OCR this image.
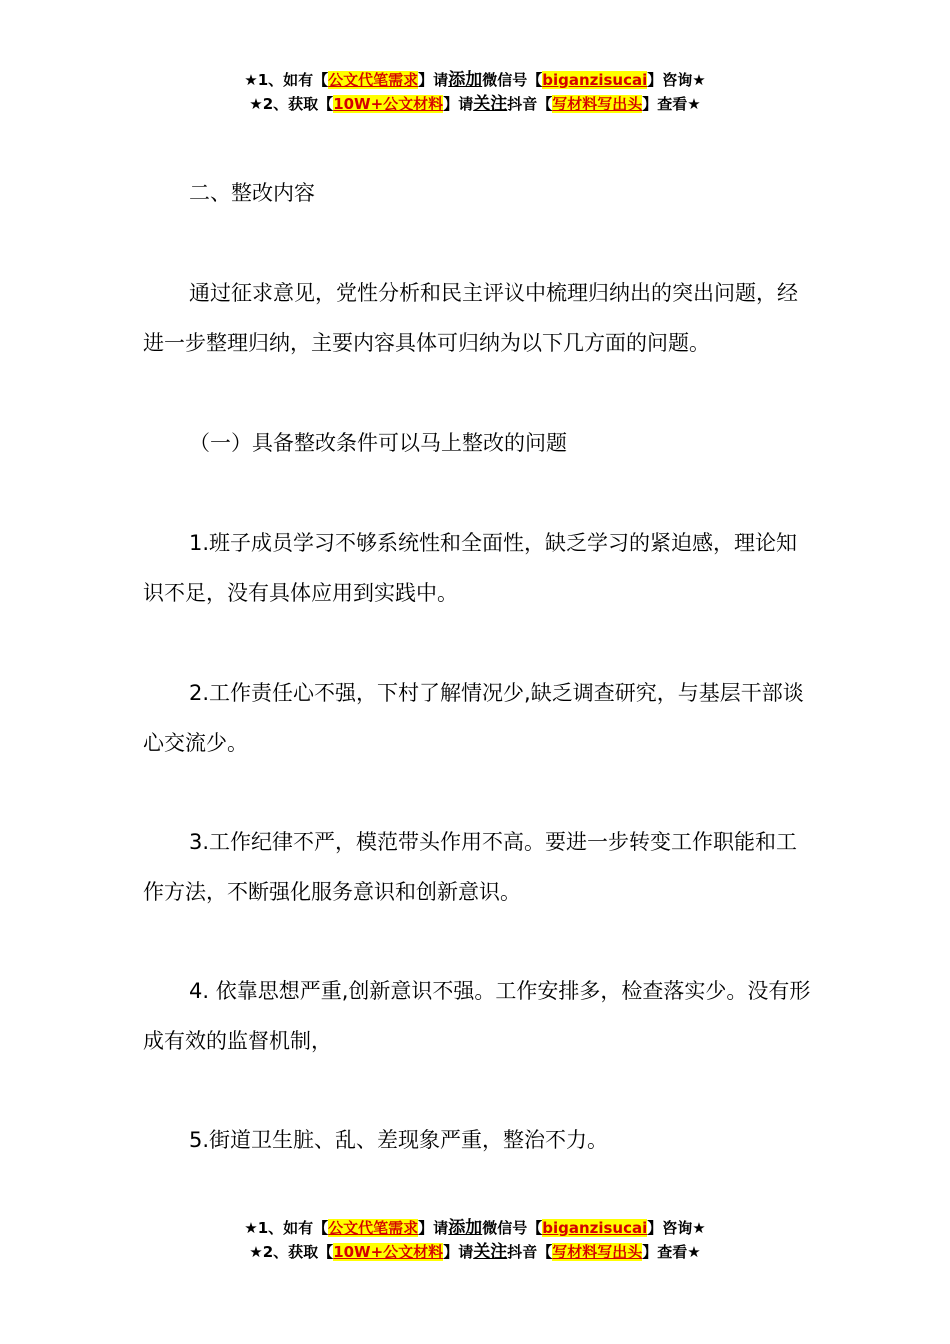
★1、如有【公文代笔需求】请添加微信号【biganzisucai】咨询★
★2、获取【10W+公文材料】请关注抖音【写材料写出头】查看★
二、整改内容

通过征求意见，党性分析和民主评议中梳理归纳出的突出问题，经进一步整理归纳，主要内容具体可归纳为以下几方面的问题。

（一）具备整改条件可以马上整改的问题

1.班子成员学习不够系统性和全面性，缺乏学习的紧迫感，理论知识不足，没有具体应用到实践中。

2.工作责任心不强，下村了解情况少,缺乏调查研究，与基层干部谈心交流少。

3.工作纪律不严，模范带头作用不高。要进一步转变工作职能和工作方法，不断强化服务意识和创新意识。

4. 依靠思想严重,创新意识不强。工作安排多，检查落实少。没有形成有效的监督机制，

5.街道卫生脏、乱、差现象严重，整治不力。

★1、如有【公文代笔需求】请添加微信号【biganzisucai】咨询★
★2、获取【10W+公文材料】请关注抖音【写材料写出头】查看★
